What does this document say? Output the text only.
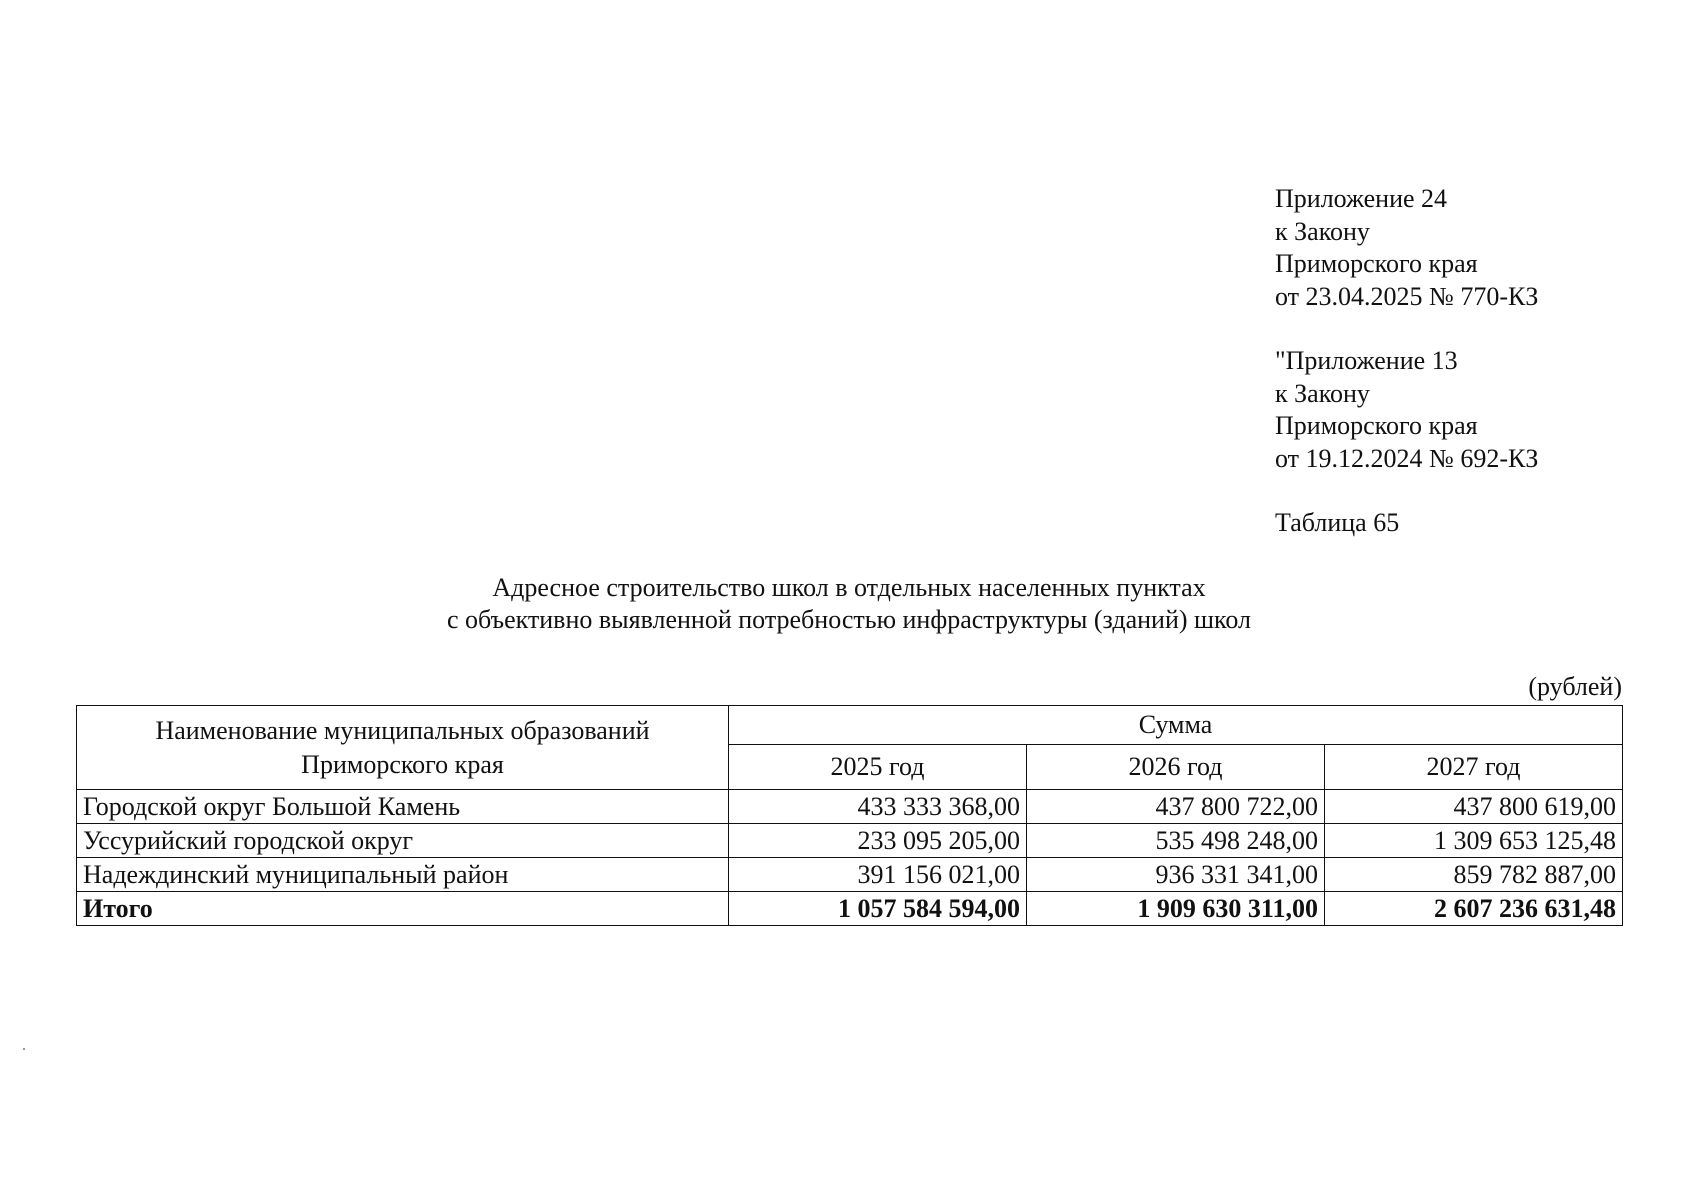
Приложение 24
к Закону
Приморского края
от 23.04.2025 № 770-КЗ
"Приложение 13
к Закону
Приморского края
от 19.12.2024 № 692-КЗ
Таблица 65
Адресное строительство школ в отдельных населенных пунктах
с объективно выявленной потребностью инфраструктуры (зданий) школ
(рублей)
Наименование муниципальных образований Приморского края	Сумма		
	2025 год	2026 год	2027 год
Городской округ Большой Камень	433 333 368,00	437 800 722,00	437 800 619,00
Уссурийский городской округ	233 095 205,00	535 498 248,00	1 309 653 125,48
Надеждинский муниципальный район	391 156 021,00	936 331 341,00	859 782 887,00
Итого	1 057 584 594,00	1 909 630 311,00	2 607 236 631,48
